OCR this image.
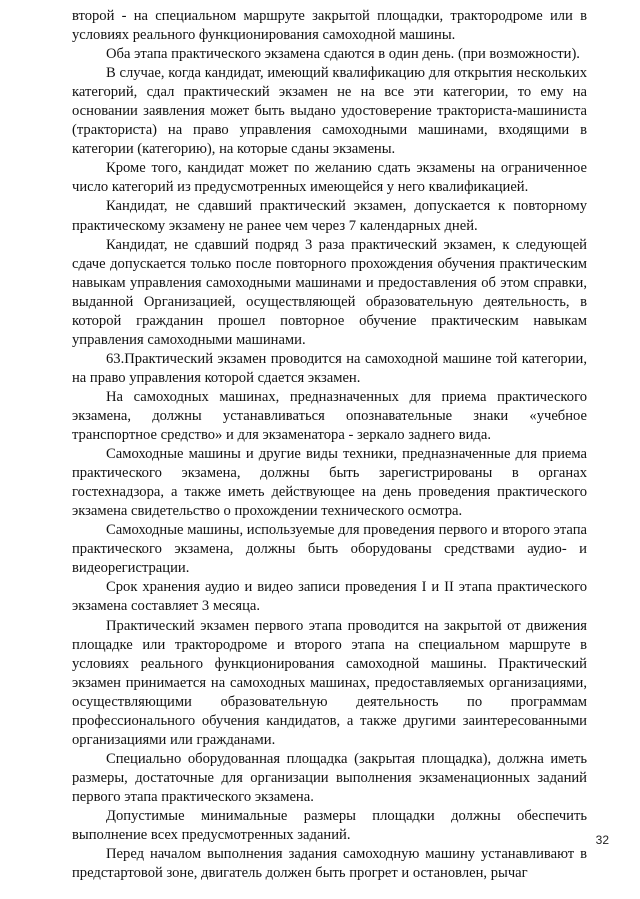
второй - на специальном маршруте закрытой площадки, трактородроме или в условиях реального функционирования самоходной машины.

Оба этапа практического экзамена сдаются в один день. (при возможности).

В случае, когда кандидат, имеющий квалификацию для открытия нескольких категорий, сдал практический экзамен не на все эти категории, то ему на основании заявления может быть выдано удостоверение тракториста-машиниста (тракториста) на право управления самоходными машинами, входящими в категории (категорию), на которые сданы экзамены.

Кроме того, кандидат может по желанию сдать экзамены на ограниченное число категорий из предусмотренных имеющейся у него квалификацией.

Кандидат, не сдавший практический экзамен, допускается к повторному практическому экзамену не ранее чем через 7 календарных дней.

Кандидат, не сдавший подряд 3 раза практический экзамен, к следующей сдаче допускается только после повторного прохождения обучения практическим навыкам управления самоходными машинами и предоставления об этом справки, выданной Организацией, осуществляющей образовательную деятельность, в которой гражданин прошел повторное обучение практическим навыкам управления самоходными машинами.

63.Практический экзамен проводится на самоходной машине той категории, на право управления которой сдается экзамен.

На самоходных машинах, предназначенных для приема практического экзамена, должны устанавливаться опознавательные знаки «учебное транспортное средство» и для экзаменатора - зеркало заднего вида.

Самоходные машины и другие виды техники, предназначенные для приема практического экзамена, должны быть зарегистрированы в органах гостехнадзора, а также иметь действующее на день проведения практического экзамена свидетельство о прохождении технического осмотра.

Самоходные машины, используемые для проведения первого и второго этапа практического экзамена, должны быть оборудованы средствами аудио- и видеорегистрации.

Срок хранения аудио и видео записи проведения I и II этапа практического экзамена составляет 3 месяца.

Практический экзамен первого этапа проводится на закрытой от движения площадке или трактородроме и второго этапа на специальном маршруте в условиях реального функционирования самоходной машины. Практический экзамен принимается на самоходных машинах, предоставляемых организациями, осуществляющими образовательную деятельность по программам профессионального обучения кандидатов, а также другими заинтересованными организациями или гражданами.

Специально оборудованная площадка (закрытая площадка), должна иметь размеры, достаточные для организации выполнения экзаменационных заданий первого этапа практического экзамена.

Допустимые минимальные размеры площадки должны обеспечить выполнение всех предусмотренных заданий.

Перед началом выполнения задания самоходную машину устанавливают в предстартовой зоне, двигатель должен быть прогрет и остановлен, рычаг

32
